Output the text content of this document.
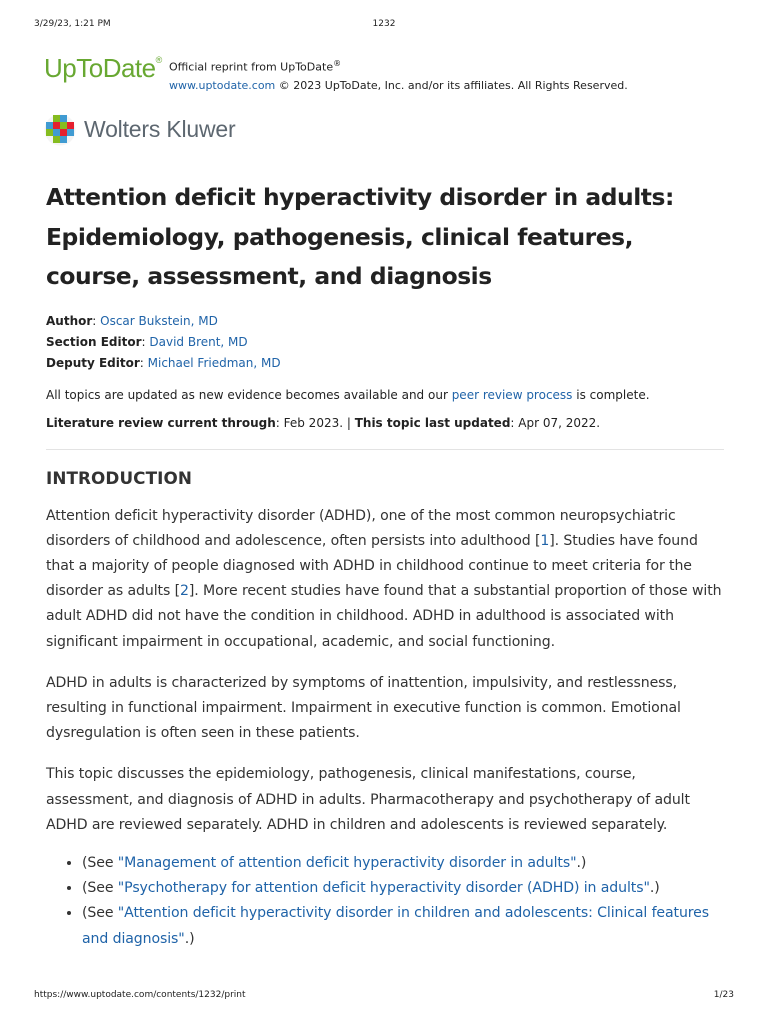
3/29/23, 1:21 PM	1232
UpToDate®
Official reprint from UpToDate®
www.uptodate.com © 2023 UpToDate, Inc. and/or its affiliates. All Rights Reserved.
Wolters Kluwer
Attention deficit hyperactivity disorder in adults: Epidemiology, pathogenesis, clinical features, course, assessment, and diagnosis
Author: Oscar Bukstein, MD
Section Editor: David Brent, MD
Deputy Editor: Michael Friedman, MD
All topics are updated as new evidence becomes available and our peer review process is complete.
Literature review current through: Feb 2023. | This topic last updated: Apr 07, 2022.
INTRODUCTION

Attention deficit hyperactivity disorder (ADHD), one of the most common neuropsychiatric disorders of childhood and adolescence, often persists into adulthood [1]. Studies have found that a majority of people diagnosed with ADHD in childhood continue to meet criteria for the disorder as adults [2]. More recent studies have found that a substantial proportion of those with adult ADHD did not have the condition in childhood. ADHD in adulthood is associated with significant impairment in occupational, academic, and social functioning.

ADHD in adults is characterized by symptoms of inattention, impulsivity, and restlessness, resulting in functional impairment. Impairment in executive function is common. Emotional dysregulation is often seen in these patients.

This topic discusses the epidemiology, pathogenesis, clinical manifestations, course, assessment, and diagnosis of ADHD in adults. Pharmacotherapy and psychotherapy of adult ADHD are reviewed separately. ADHD in children and adolescents is reviewed separately.

• (See "Management of attention deficit hyperactivity disorder in adults".)
• (See "Psychotherapy for attention deficit hyperactivity disorder (ADHD) in adults".)
• (See "Attention deficit hyperactivity disorder in children and adolescents: Clinical features and diagnosis".)
https://www.uptodate.com/contents/1232/print	1/23
